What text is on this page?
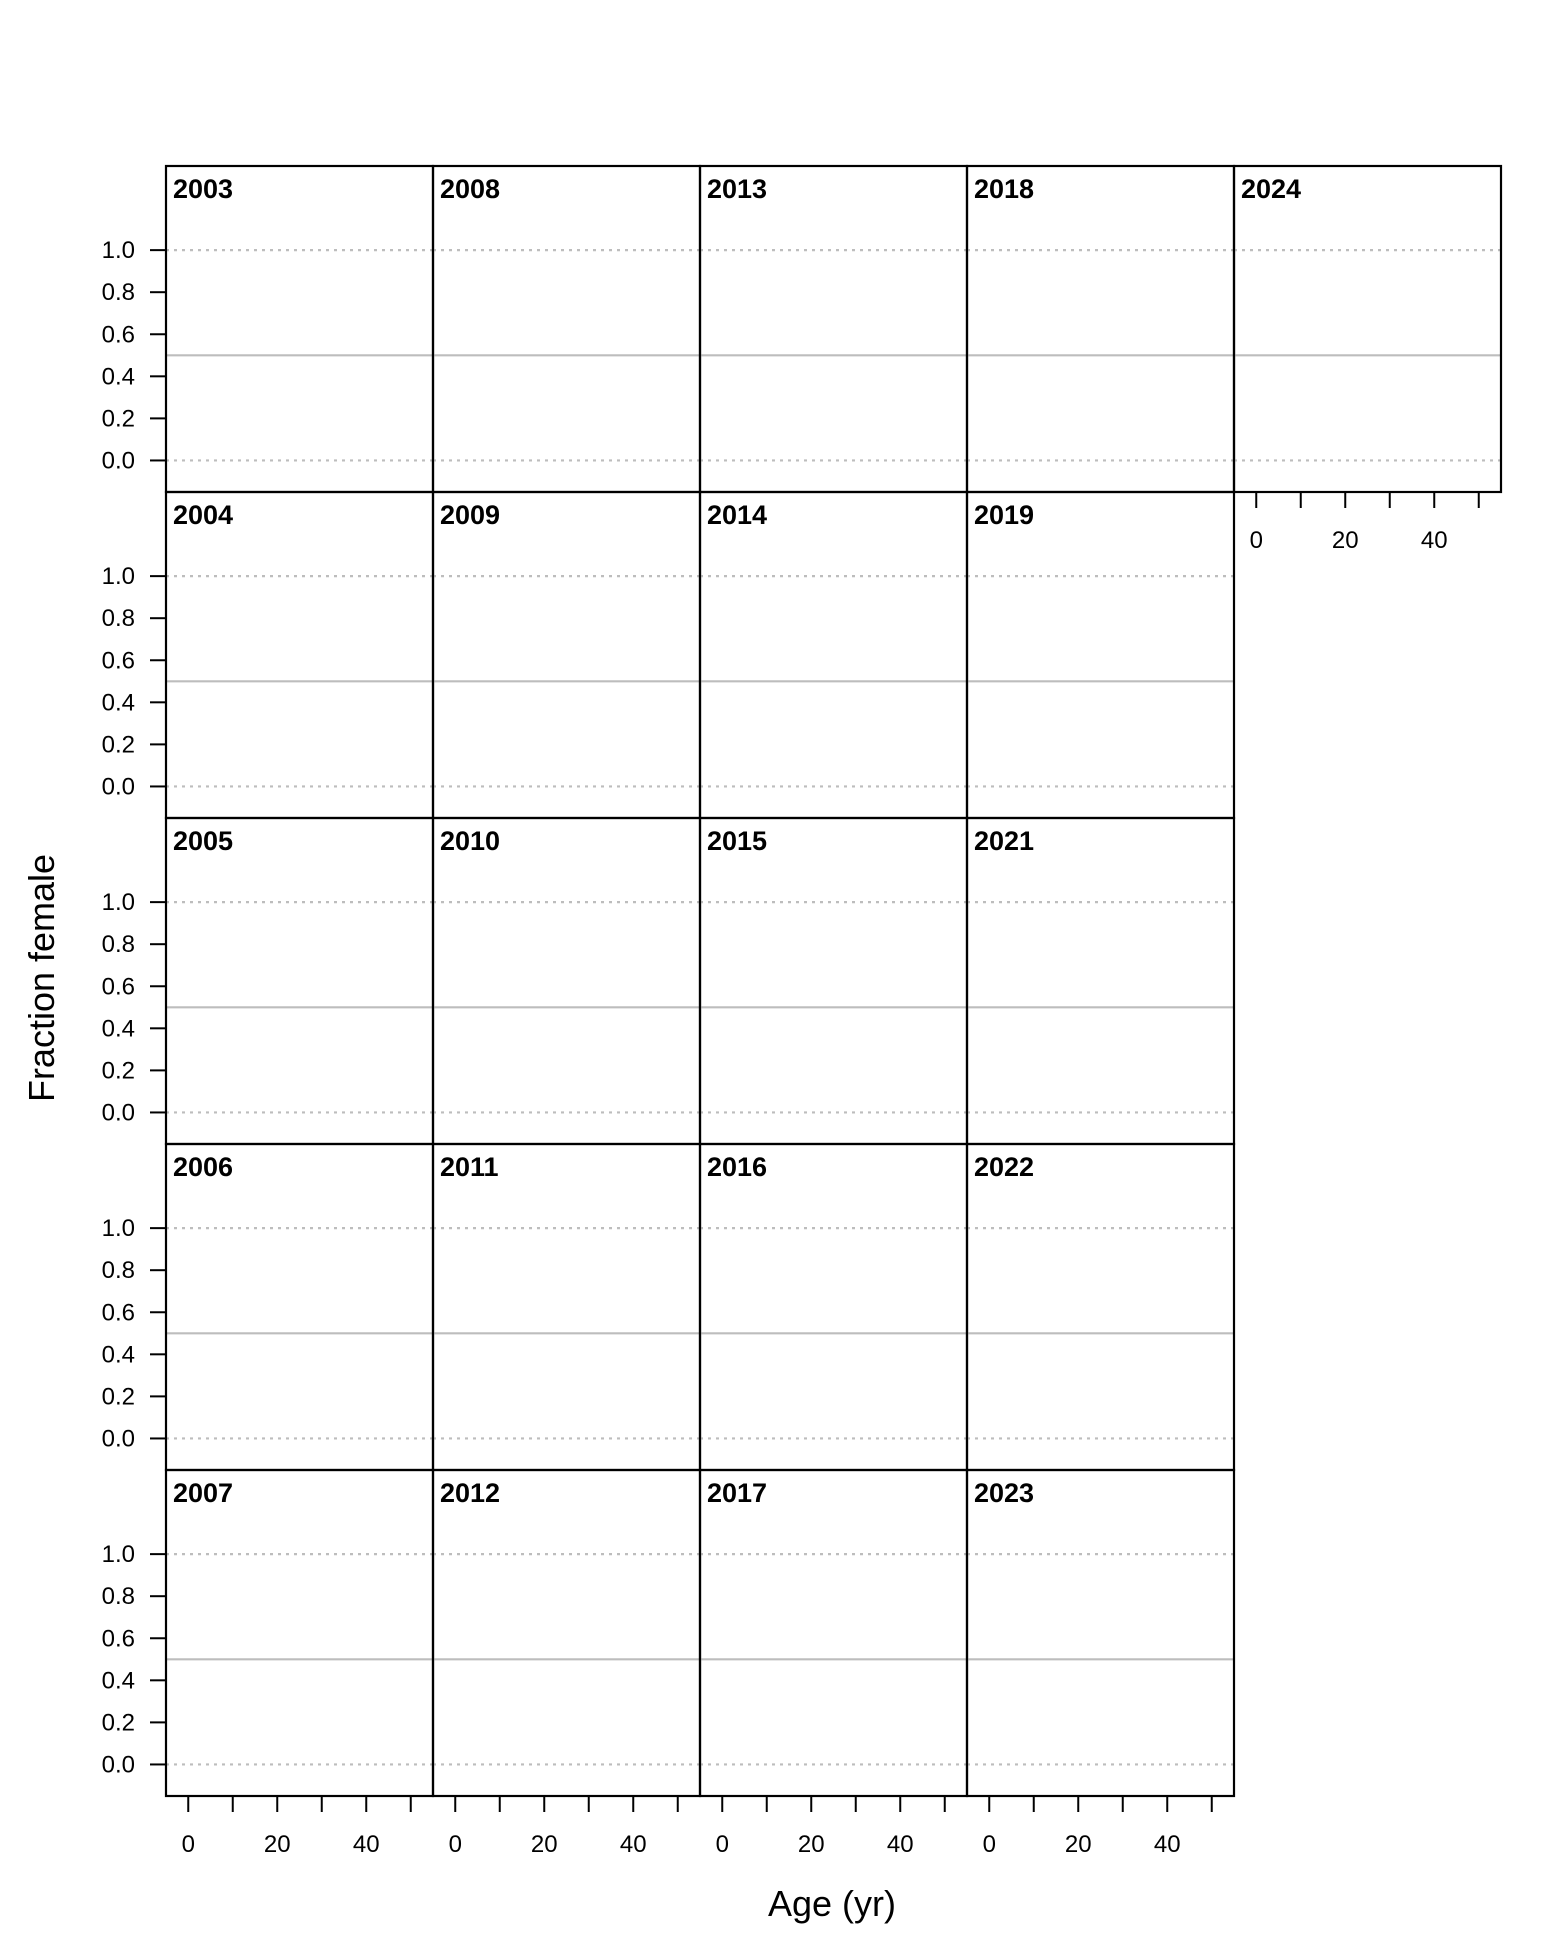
Fraction female
Age (yr)
2003
0.0
0.2
0.4
0.6
0.8
1.0
2004
0.0
0.2
0.4
0.6
0.8
1.0
2005
0.0
0.2
0.4
0.6
0.8
1.0
2006
0.0
0.2
0.4
0.6
0.8
1.0
2007
0.0
0.2
0.4
0.6
0.8
1.0
0	20	40
2008
2009
2010
2011
2012
0	20	40
2013
2014
2015
2016
2017
0	20	40
2018
2019
2021
2022
2023
0	20	40
2024
0	20	40
